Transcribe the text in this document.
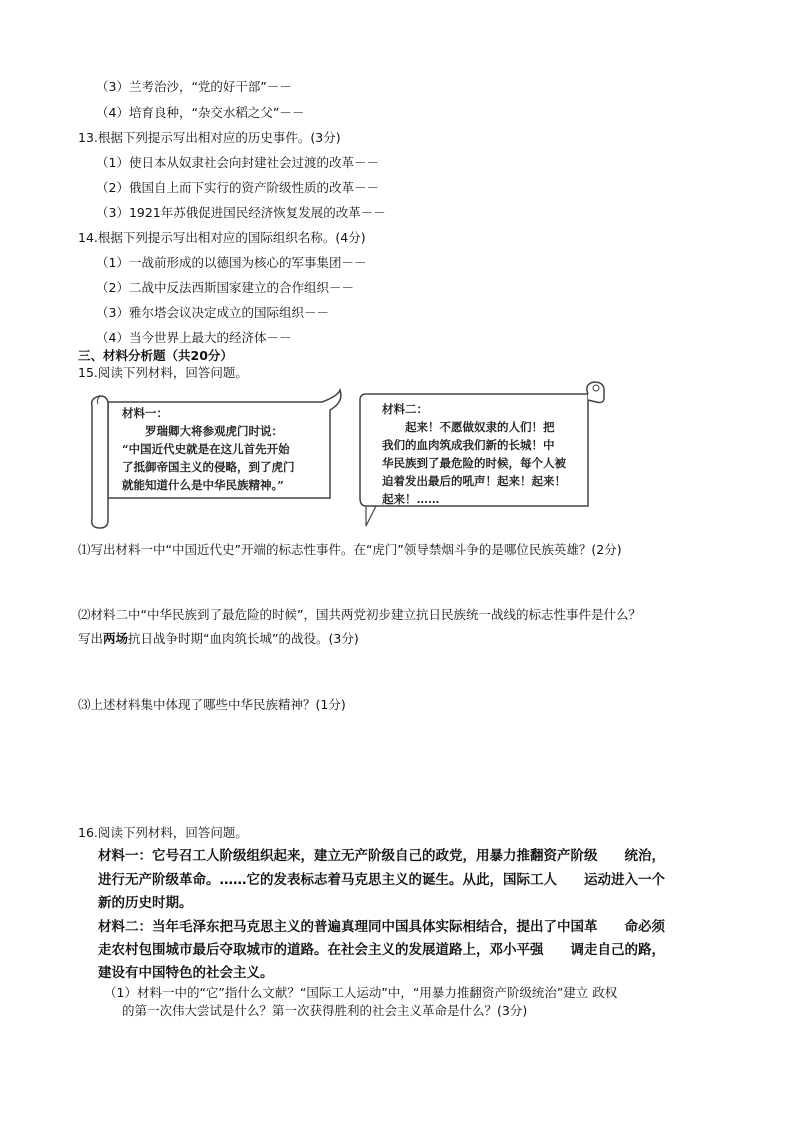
（3）兰考治沙，“党的好干部”－－
（4）培育良种，“杂交水稻之父”－－
13.根据下列提示写出相对应的历史事件。(3分)
（1）使日本从奴隶社会向封建社会过渡的改革－－
（2）俄国自上而下实行的资产阶级性质的改革－－
（3）1921年苏俄促进国民经济恢复发展的改革－－
14.根据下列提示写出相对应的国际组织名称。(4分)
（1）一战前形成的以德国为核心的军事集团－－
（2）二战中反法西斯国家建立的合作组织－－
（3）雅尔塔会议决定成立的国际组织－－
（4）当今世界上最大的经济体－－
三、材料分析题（共20分）
15.阅读下列材料，回答问题。
材料一：
　　罗瑞卿大将参观虎门时说：
“中国近代史就是在这儿首先开始
了抵御帝国主义的侵略，到了虎门
就能知道什么是中华民族精神。”
材料二：
　　起来！不愿做奴隶的人们！把
我们的血肉筑成我们新的长城！中
华民族到了最危险的时候，每个人被
迫着发出最后的吼声！起来！起来！
起来！……
⑴写出材料一中“中国近代史”开端的标志性事件。在“虎门”领导禁烟斗争的是哪位民族英雄？(2分)
⑵材料二中“中华民族到了最危险的时候”，国共两党初步建立抗日民族统一战线的标志性事件是什么？
写出两场抗日战争时期“血肉筑长城”的战役。(3分)
⑶上述材料集中体现了哪些中华民族精神？(1分)
16.阅读下列材料，回答问题。
材料一：它号召工人阶级组织起来，建立无产阶级自己的政党，用暴力推翻资产阶级　　统治，
进行无产阶级革命。……它的发表标志着马克思主义的诞生。从此，国际工人　　运动进入一个
新的历史时期。
材料二：当年毛泽东把马克思主义的普遍真理同中国具体实际相结合，提出了中国革　　命必须
走农村包围城市最后夺取城市的道路。在社会主义的发展道路上，邓小平强　　调走自己的路，
建设有中国特色的社会主义。
（1）材料一中的“它”指什么文献？“国际工人运动”中，“用暴力推翻资产阶级统治”建立 政权
的第一次伟大尝试是什么？第一次获得胜利的社会主义革命是什么？(3分)
